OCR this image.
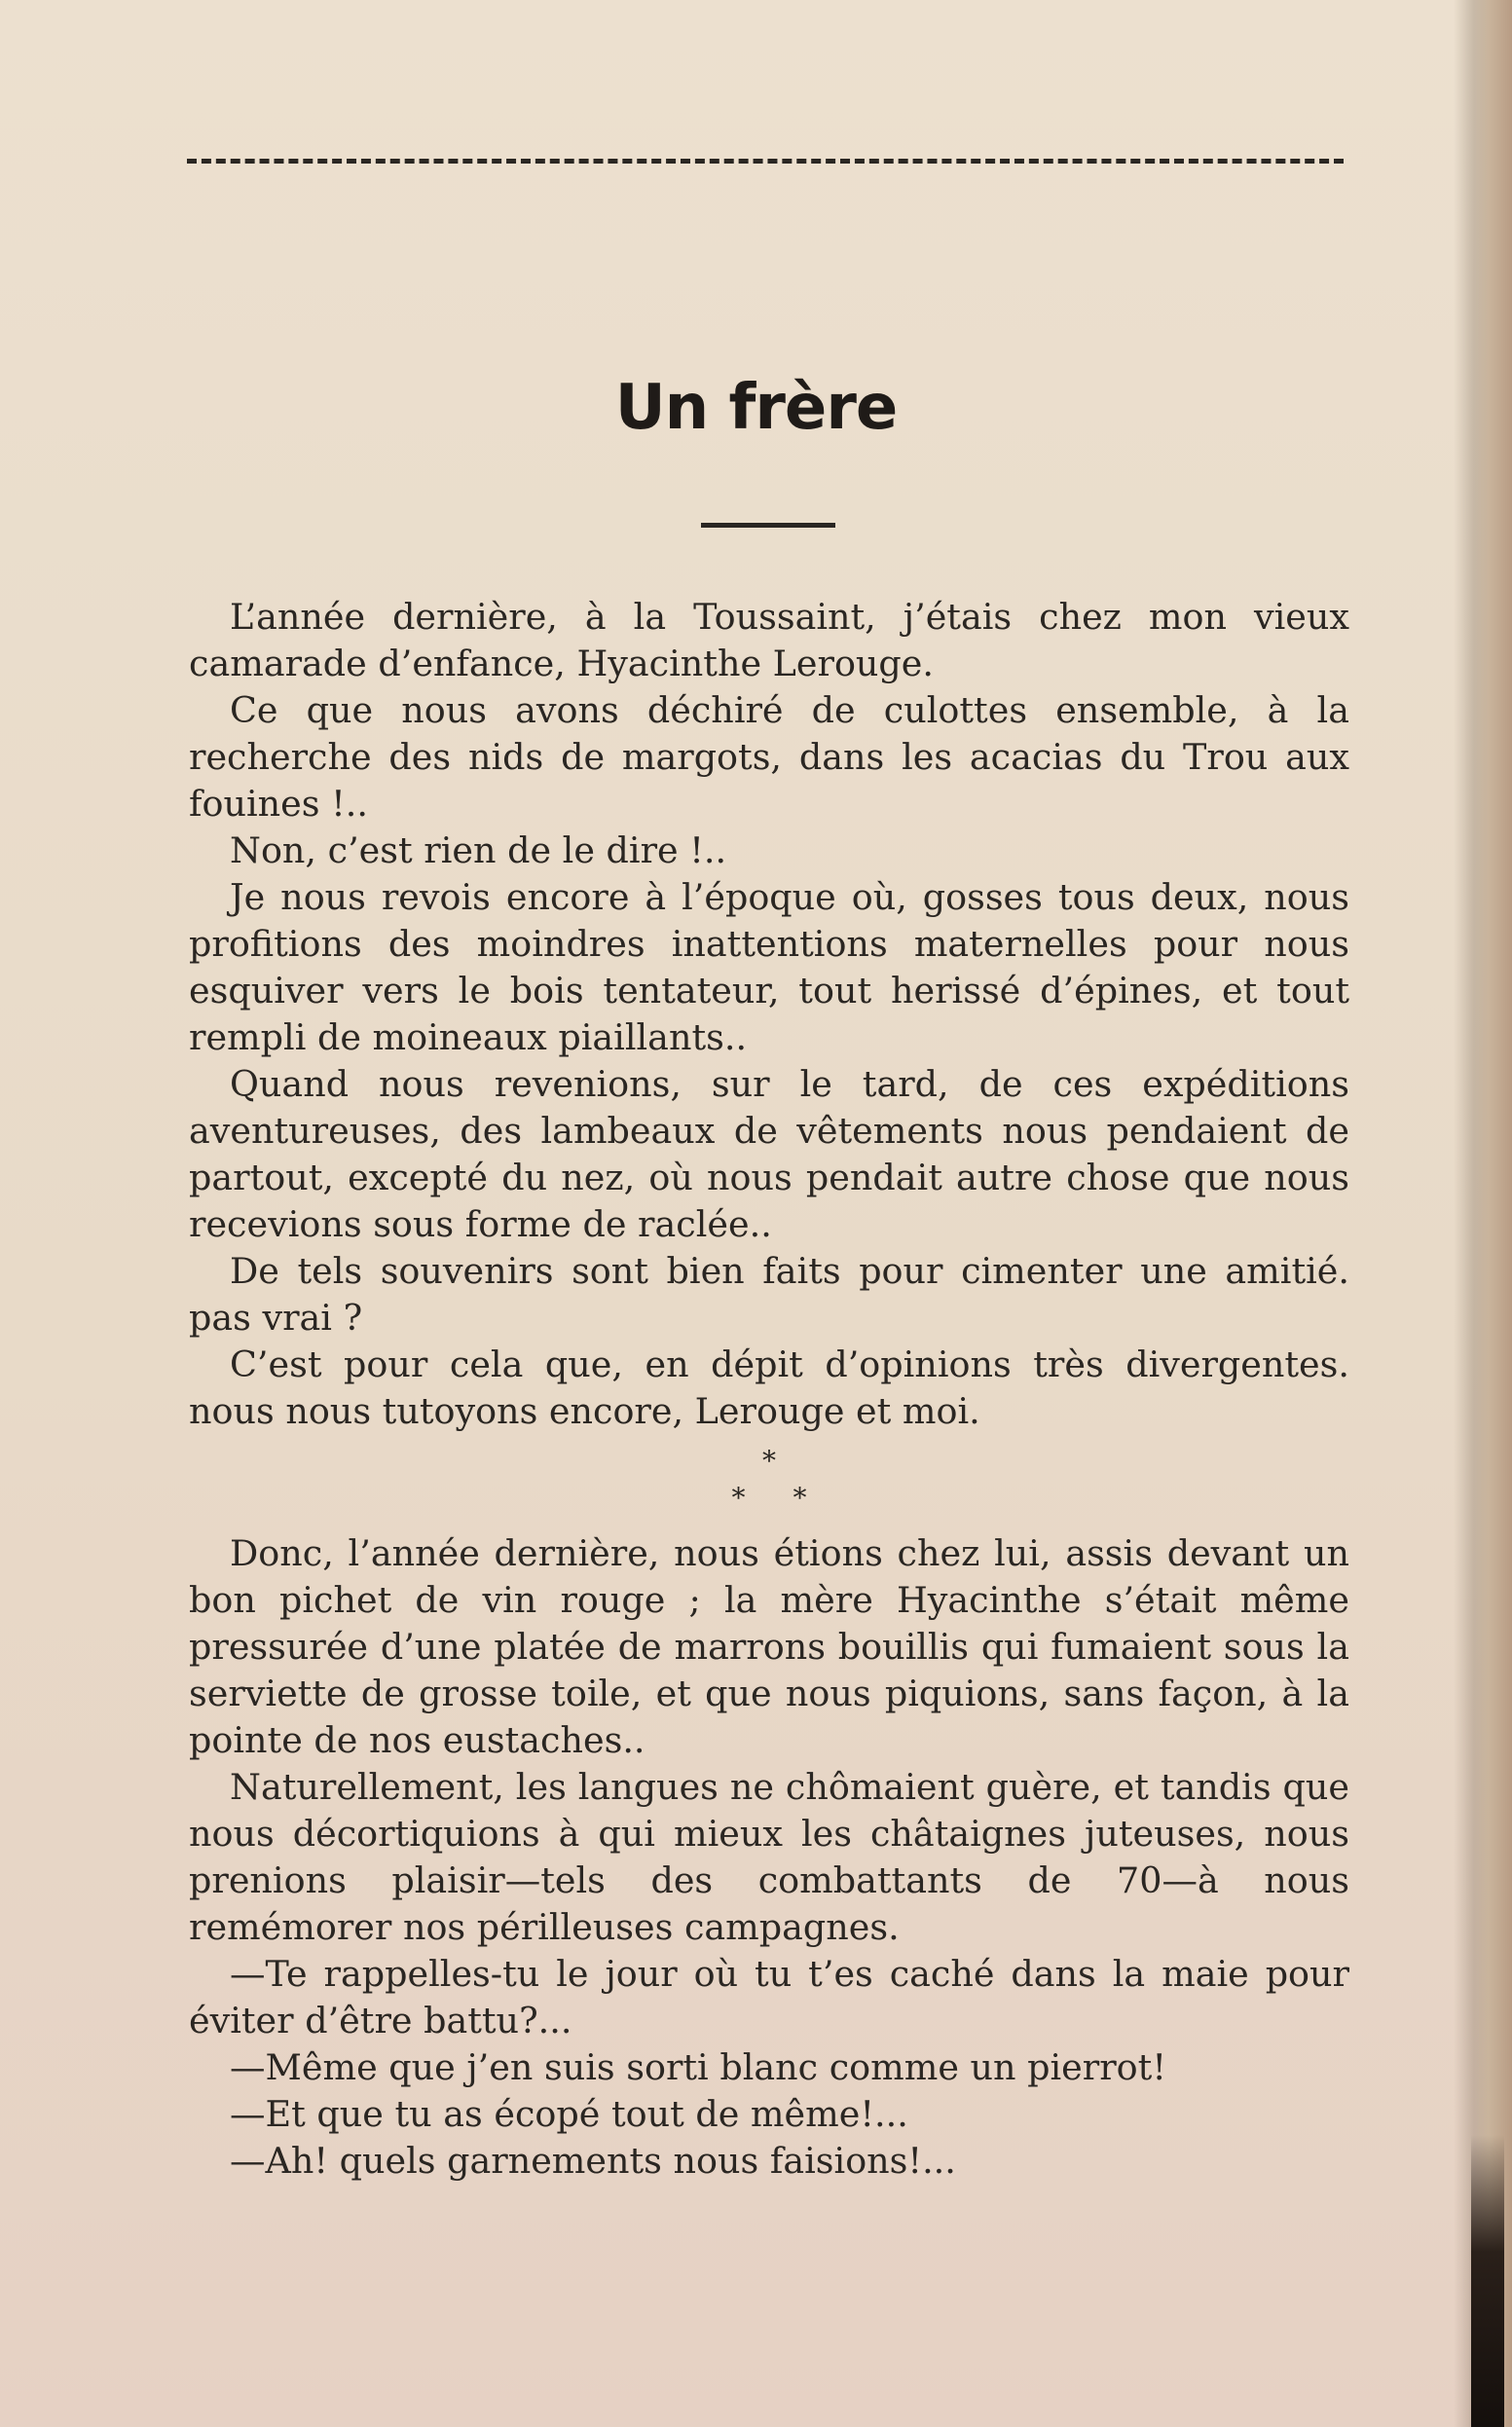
Un frère

L’année dernière, à la Toussaint, j’étais chez mon vieux camarade d’enfance, Hyacinthe Lerouge.

Ce que nous avons déchiré de culottes ensemble, à la recherche des nids de margots, dans les acacias du Trou aux fouines !..

Non, c’est rien de le dire !..

Je nous revois encore à l’époque où, gosses tous deux, nous profitions des moindres inattentions maternelles pour nous esquiver vers le bois tentateur, tout herissé d’épines, et tout rempli de moineaux piaillants..

Quand nous revenions, sur le tard, de ces expéditions aventureuses, des lambeaux de vêtements nous pendaient de partout, excepté du nez, où nous pendait autre chose que nous recevions sous forme de raclée..

De tels souvenirs sont bien faits pour cimenter une amitié. pas vrai ?

C’est pour cela que, en dépit d’opinions très divergentes. nous nous tutoyons encore, Lerouge et moi.

*
* *

Donc, l’année dernière, nous étions chez lui, assis devant un bon pichet de vin rouge ; la mère Hyacinthe s’était même pressurée d’une platée de marrons bouillis qui fumaient sous la serviette de grosse toile, et que nous piquions, sans façon, à la pointe de nos eustaches..

Naturellement, les langues ne chômaient guère, et tandis que nous décortiquions à qui mieux les châtaignes juteuses, nous prenions plaisir—tels des combattants de 70—à nous remémorer nos périlleuses campagnes.

—Te rappelles-tu le jour où tu t’es caché dans la maie pour éviter d’être battu?...

—Même que j’en suis sorti blanc comme un pierrot!

—Et que tu as écopé tout de même!...

—Ah! quels garnements nous faisions!...
